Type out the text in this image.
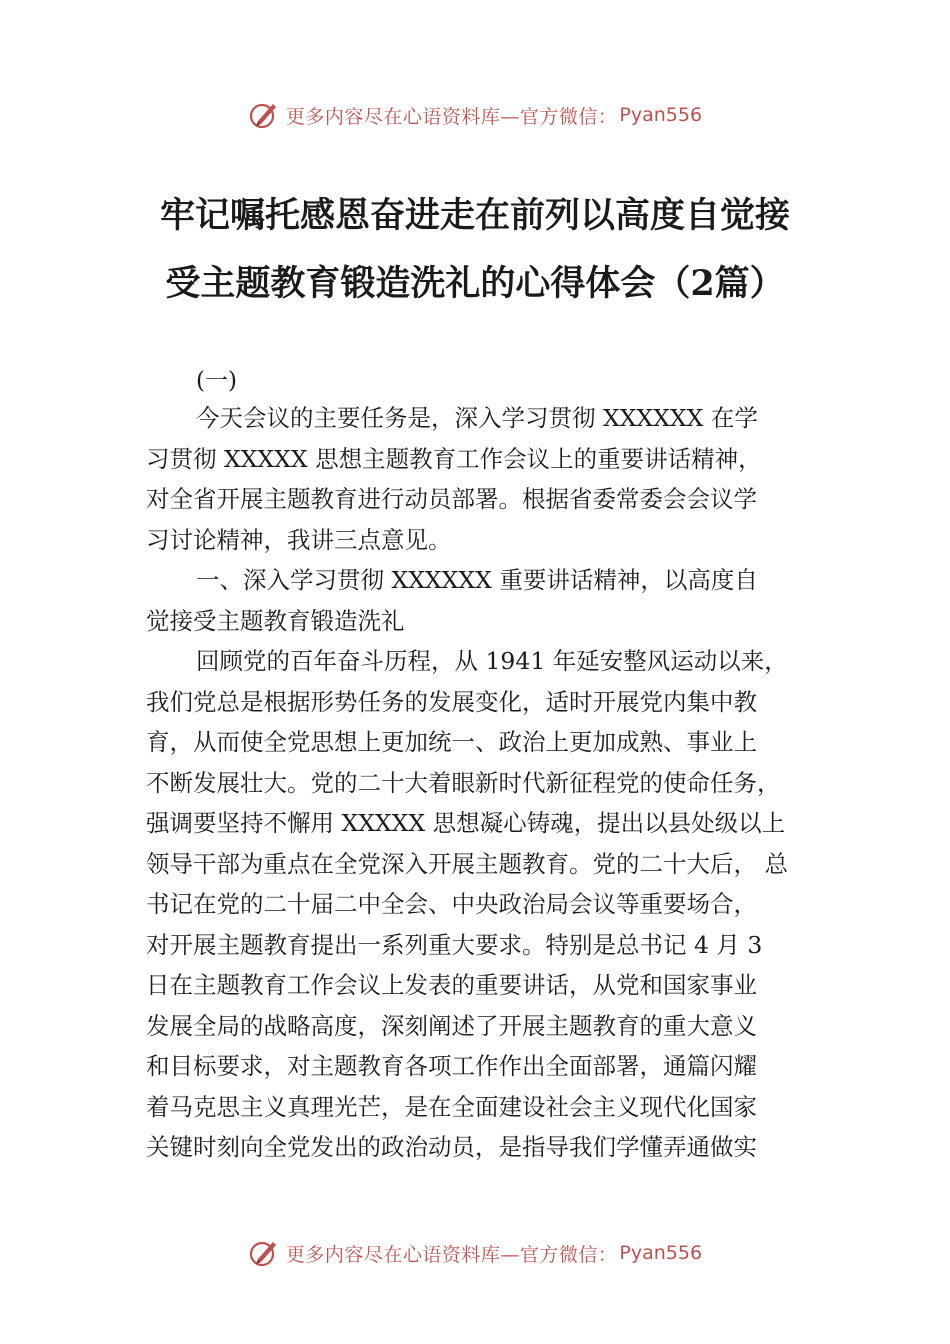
更多内容尽在心语资料库—官方微信： Pyan556
牢记嘱托感恩奋进走在前列以高度自觉接
受主题教育锻造洗礼的心得体会（2篇）
(一)
今天会议的主要任务是，深入学习贯彻 XXXXXX 在学
习贯彻 XXXXX 思想主题教育工作会议上的重要讲话精神，
对全省开展主题教育进行动员部署。根据省委常委会会议学
习讨论精神，我讲三点意见。
一、深入学习贯彻 XXXXXX 重要讲话精神，以高度自
觉接受主题教育锻造洗礼
回顾党的百年奋斗历程，从 1941 年延安整风运动以来，
我们党总是根据形势任务的发展变化，适时开展党内集中教
育，从而使全党思想上更加统一、政治上更加成熟、事业上
不断发展壮大。党的二十大着眼新时代新征程党的使命任务，
强调要坚持不懈用 XXXXX 思想凝心铸魂，提出以县处级以上
领导干部为重点在全党深入开展主题教育。党的二十大后， 总
书记在党的二十届二中全会、中央政治局会议等重要场合，
对开展主题教育提出一系列重大要求。特别是总书记 4 月 3
日在主题教育工作会议上发表的重要讲话，从党和国家事业
发展全局的战略高度，深刻阐述了开展主题教育的重大意义
和目标要求，对主题教育各项工作作出全面部署，通篇闪耀
着马克思主义真理光芒，是在全面建设社会主义现代化国家
关键时刻向全党发出的政治动员，是指导我们学懂弄通做实
更多内容尽在心语资料库—官方微信： Pyan556
